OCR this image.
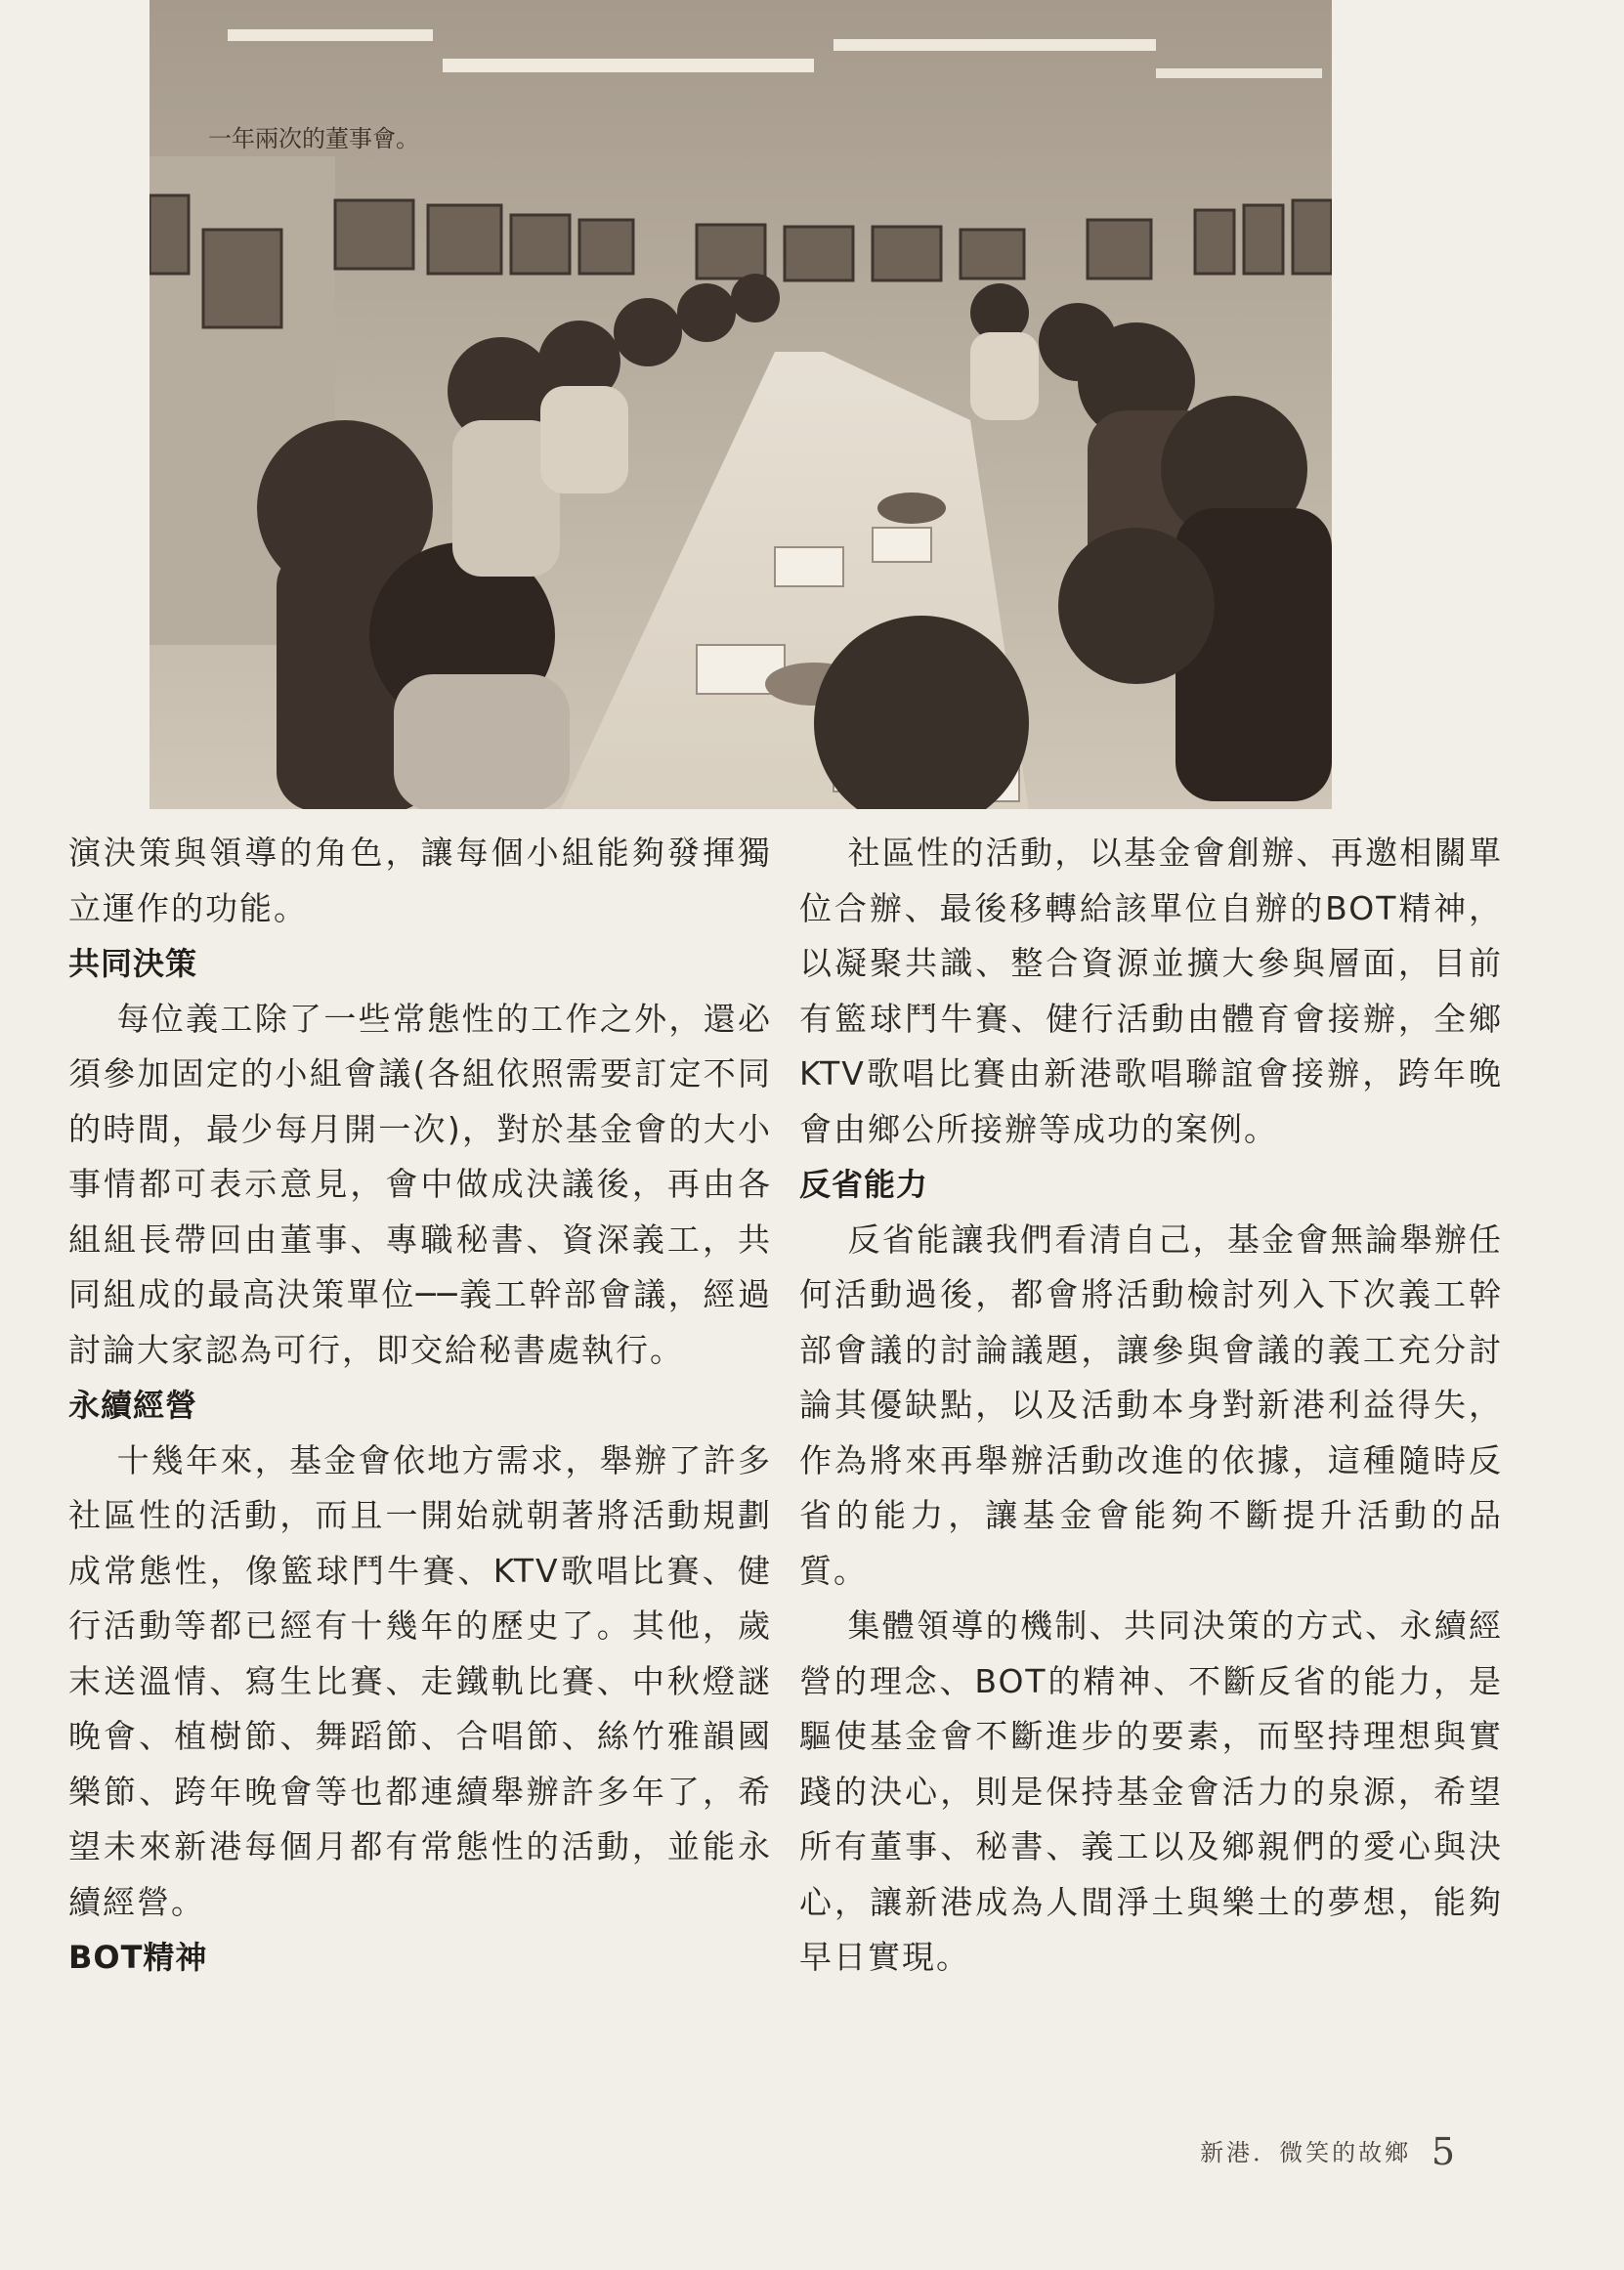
一年兩次的董事會。

演決策與領導的角色，讓每個小組能夠發揮獨立運作的功能。

共同決策

每位義工除了一些常態性的工作之外，還必須參加固定的小組會議(各組依照需要訂定不同的時間，最少每月開一次)，對於基金會的大小事情都可表示意見，會中做成決議後，再由各組組長帶回由董事、專職秘書、資深義工，共同組成的最高決策單位──義工幹部會議，經過討論大家認為可行，即交給秘書處執行。

永續經營

十幾年來，基金會依地方需求，舉辦了許多社區性的活動，而且一開始就朝著將活動規劃成常態性，像籃球鬥牛賽、KTV歌唱比賽、健行活動等都已經有十幾年的歷史了。其他，歲末送溫情、寫生比賽、走鐵軌比賽、中秋燈謎晚會、植樹節、舞蹈節、合唱節、絲竹雅韻國樂節、跨年晚會等也都連續舉辦許多年了，希望未來新港每個月都有常態性的活動，並能永續經營。

BOT精神

社區性的活動，以基金會創辦、再邀相關單位合辦、最後移轉給該單位自辦的BOT精神，以凝聚共識、整合資源並擴大參與層面，目前有籃球鬥牛賽、健行活動由體育會接辦，全鄉KTV歌唱比賽由新港歌唱聯誼會接辦，跨年晚會由鄉公所接辦等成功的案例。

反省能力

反省能讓我們看清自己，基金會無論舉辦任何活動過後，都會將活動檢討列入下次義工幹部會議的討論議題，讓參與會議的義工充分討論其優缺點，以及活動本身對新港利益得失，作為將來再舉辦活動改進的依據，這種隨時反省的能力，讓基金會能夠不斷提升活動的品質。

集體領導的機制、共同決策的方式、永續經營的理念、BOT的精神、不斷反省的能力，是驅使基金會不斷進步的要素，而堅持理想與實踐的決心，則是保持基金會活力的泉源，希望所有董事、秘書、義工以及鄉親們的愛心與決心，讓新港成為人間淨土與樂土的夢想，能夠早日實現。

新港．微笑的故鄉 5
